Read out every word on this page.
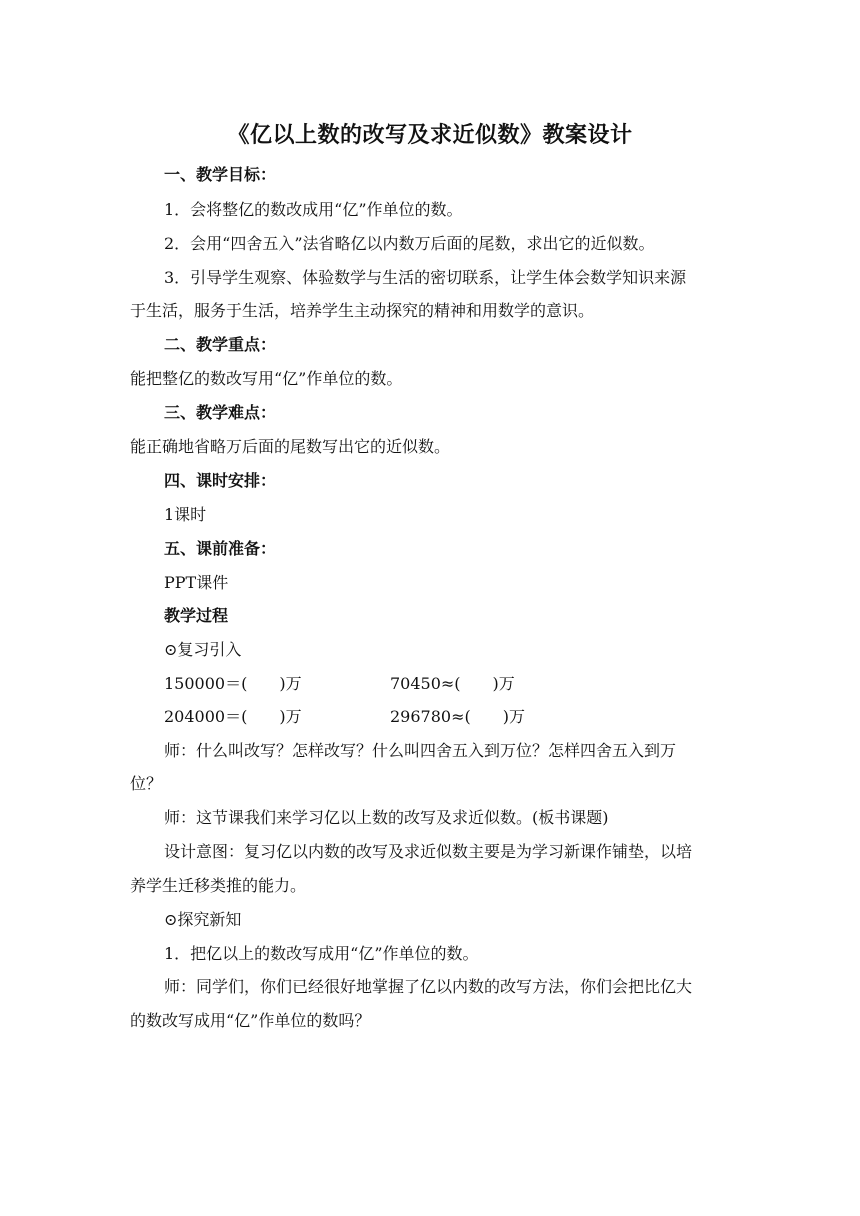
《亿以上数的改写及求近似数》教案设计
一、教学目标：
1．会将整亿的数改成用“亿”作单位的数。
2．会用“四舍五入”法省略亿以内数万后面的尾数，求出它的近似数。
3．引导学生观察、体验数学与生活的密切联系，让学生体会数学知识来源
于生活，服务于生活，培养学生主动探究的精神和用数学的意识。
二、教学重点：
能把整亿的数改写用“亿”作单位的数。
三、教学难点：
能正确地省略万后面的尾数写出它的近似数。
四、课时安排：
1课时
五、课前准备：
PPT课件
教学过程
⊙复习引入
150000＝(　　)万	70450≈(　　)万
204000＝(　　)万	296780≈(　　)万
师：什么叫改写？怎样改写？什么叫四舍五入到万位？怎样四舍五入到万
位？
师：这节课我们来学习亿以上数的改写及求近似数。(板书课题)
设计意图：复习亿以内数的改写及求近似数主要是为学习新课作铺垫，以培
养学生迁移类推的能力。
⊙探究新知
1．把亿以上的数改写成用“亿”作单位的数。
师：同学们，你们已经很好地掌握了亿以内数的改写方法，你们会把比亿大
的数改写成用“亿”作单位的数吗？
